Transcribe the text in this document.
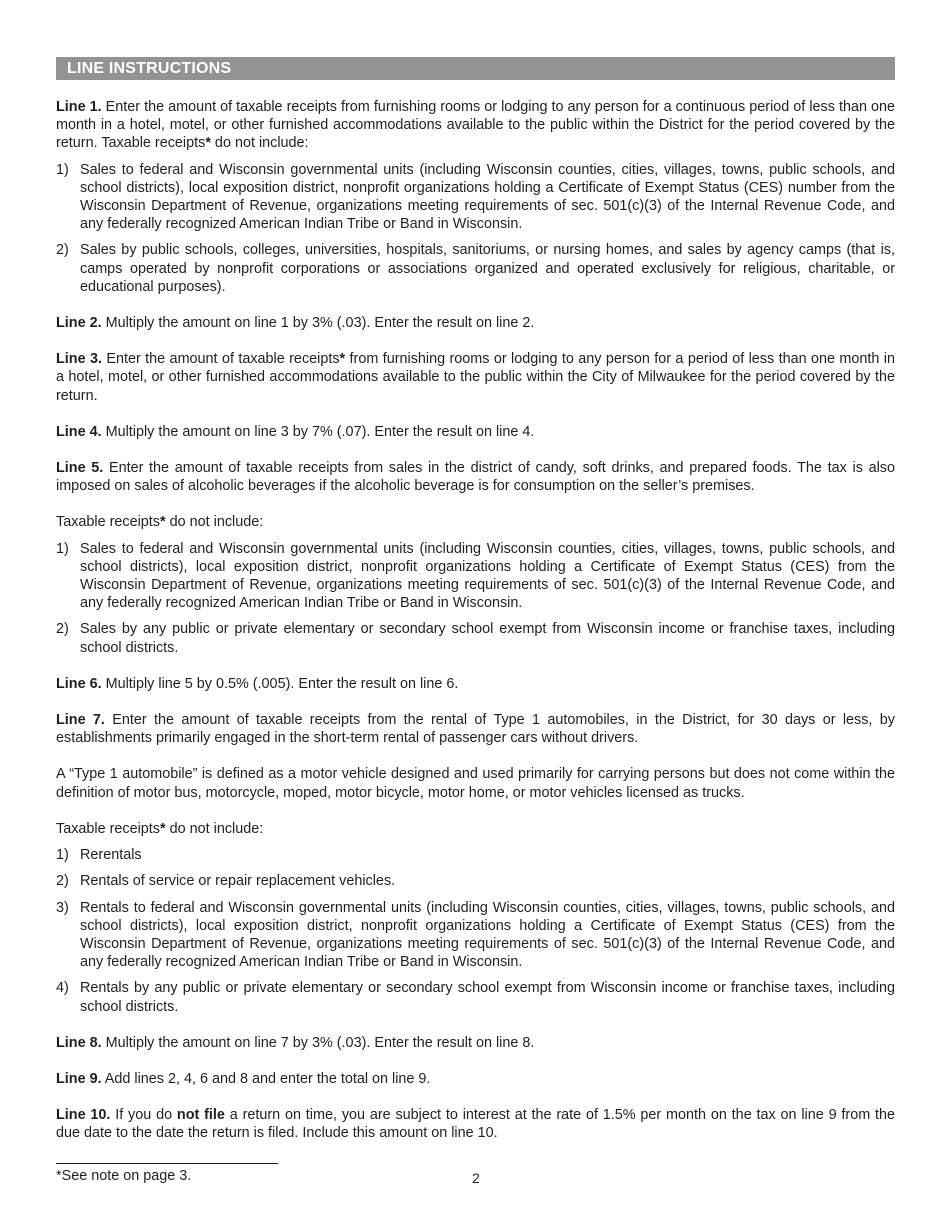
LINE INSTRUCTIONS

Line 1. Enter the amount of taxable receipts from furnishing rooms or lodging to any person for a continuous period of less than one month in a hotel, motel, or other furnished accommodations available to the public within the District for the period covered by the return. Taxable receipts* do not include:

1) Sales to federal and Wisconsin governmental units (including Wisconsin counties, cities, villages, towns, public schools, and school districts), local exposition district, nonprofit organizations holding a Certificate of Exempt Status (CES) number from the Wisconsin Department of Revenue, organizations meeting requirements of sec. 501(c)(3) of the Internal Revenue Code, and any federally recognized American Indian Tribe or Band in Wisconsin.
2) Sales by public schools, colleges, universities, hospitals, sanitoriums, or nursing homes, and sales by agency camps (that is, camps operated by nonprofit corporations or associations organized and operated exclusively for religious, charitable, or educational purposes).

Line 2. Multiply the amount on line 1 by 3% (.03). Enter the result on line 2.

Line 3. Enter the amount of taxable receipts* from furnishing rooms or lodging to any person for a period of less than one month in a hotel, motel, or other furnished accommodations available to the public within the City of Milwaukee for the period covered by the return.

Line 4. Multiply the amount on line 3 by 7% (.07). Enter the result on line 4.

Line 5. Enter the amount of taxable receipts from sales in the district of candy, soft drinks, and prepared foods. The tax is also imposed on sales of alcoholic beverages if the alcoholic beverage is for consumption on the seller’s premises.

Taxable receipts* do not include:

1) Sales to federal and Wisconsin governmental units (including Wisconsin counties, cities, villages, towns, public schools, and school districts), local exposition district, nonprofit organizations holding a Certificate of Exempt Status (CES) from the Wisconsin Department of Revenue, organizations meeting requirements of sec. 501(c)(3) of the Internal Revenue Code, and any federally recognized American Indian Tribe or Band in Wisconsin.
2) Sales by any public or private elementary or secondary school exempt from Wisconsin income or franchise taxes, including school districts.

Line 6. Multiply line 5 by 0.5% (.005). Enter the result on line 6.

Line 7. Enter the amount of taxable receipts from the rental of Type 1 automobiles, in the District, for 30 days or less, by establishments primarily engaged in the short-term rental of passenger cars without drivers.

A “Type 1 automobile” is defined as a motor vehicle designed and used primarily for carrying persons but does not come within the definition of motor bus, motorcycle, moped, motor bicycle, motor home, or motor vehicles licensed as trucks.

Taxable receipts* do not include:

1) Rerentals
2) Rentals of service or repair replacement vehicles.
3) Rentals to federal and Wisconsin governmental units (including Wisconsin counties, cities, villages, towns, public schools, and school districts), local exposition district, nonprofit organizations holding a Certificate of Exempt Status (CES) from the Wisconsin Department of Revenue, organizations meeting requirements of sec. 501(c)(3) of the Internal Revenue Code, and any federally recognized American Indian Tribe or Band in Wisconsin.
4) Rentals by any public or private elementary or secondary school exempt from Wisconsin income or franchise taxes, including school districts.

Line 8. Multiply the amount on line 7 by 3% (.03). Enter the result on line 8.

Line 9. Add lines 2, 4, 6 and 8 and enter the total on line 9.

Line 10. If you do not file a return on time, you are subject to interest at the rate of 1.5% per month on the tax on line 9 from the due date to the date the return is filed. Include this amount on line 10.

*See note on page 3.	2
